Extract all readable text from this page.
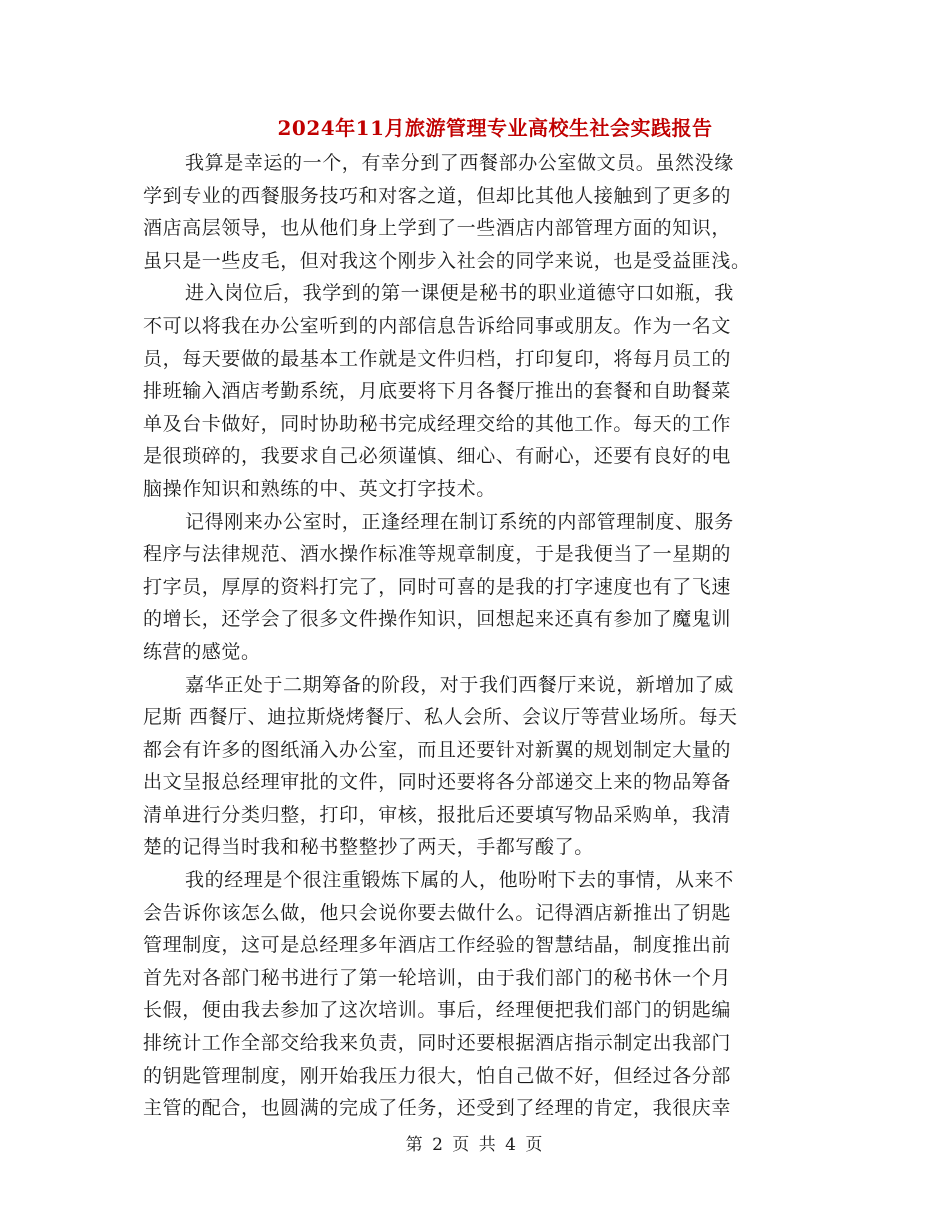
2024年11月旅游管理专业高校生社会实践报告

我算是幸运的一个，有幸分到了西餐部办公室做文员。虽然没缘
学到专业的西餐服务技巧和对客之道，但却比其他人接触到了更多的
酒店高层领导，也从他们身上学到了一些酒店内部管理方面的知识，
虽只是一些皮毛，但对我这个刚步入社会的同学来说，也是受益匪浅。

进入岗位后，我学到的第一课便是秘书的职业道德守口如瓶，我
不可以将我在办公室听到的内部信息告诉给同事或朋友。作为一名文
员，每天要做的最基本工作就是文件归档，打印复印，将每月员工的
排班输入酒店考勤系统，月底要将下月各餐厅推出的套餐和自助餐菜
单及台卡做好，同时协助秘书完成经理交给的其他工作。每天的工作
是很琐碎的，我要求自己必须谨慎、细心、有耐心，还要有良好的电
脑操作知识和熟练的中、英文打字技术。

记得刚来办公室时，正逢经理在制订系统的内部管理制度、服务
程序与法律规范、酒水操作标准等规章制度，于是我便当了一星期的
打字员，厚厚的资料打完了，同时可喜的是我的打字速度也有了飞速
的增长，还学会了很多文件操作知识，回想起来还真有参加了魔鬼训
练营的感觉。

嘉华正处于二期筹备的阶段，对于我们西餐厅来说，新增加了威
尼斯 西餐厅、迪拉斯烧烤餐厅、私人会所、会议厅等营业场所。每天
都会有许多的图纸涌入办公室，而且还要针对新翼的规划制定大量的
出文呈报总经理审批的文件，同时还要将各分部递交上来的物品筹备
清单进行分类归整，打印，审核，报批后还要填写物品采购单，我清
楚的记得当时我和秘书整整抄了两天，手都写酸了。

我的经理是个很注重锻炼下属的人，他吩咐下去的事情，从来不
会告诉你该怎么做，他只会说你要去做什么。记得酒店新推出了钥匙
管理制度，这可是总经理多年酒店工作经验的智慧结晶，制度推出前
首先对各部门秘书进行了第一轮培训，由于我们部门的秘书休一个月
长假，便由我去参加了这次培训。事后，经理便把我们部门的钥匙编
排统计工作全部交给我来负责，同时还要根据酒店指示制定出我部门
的钥匙管理制度，刚开始我压力很大，怕自己做不好，但经过各分部
主管的配合，也圆满的完成了任务，还受到了经理的肯定，我很庆幸

第 2 页 共 4 页
